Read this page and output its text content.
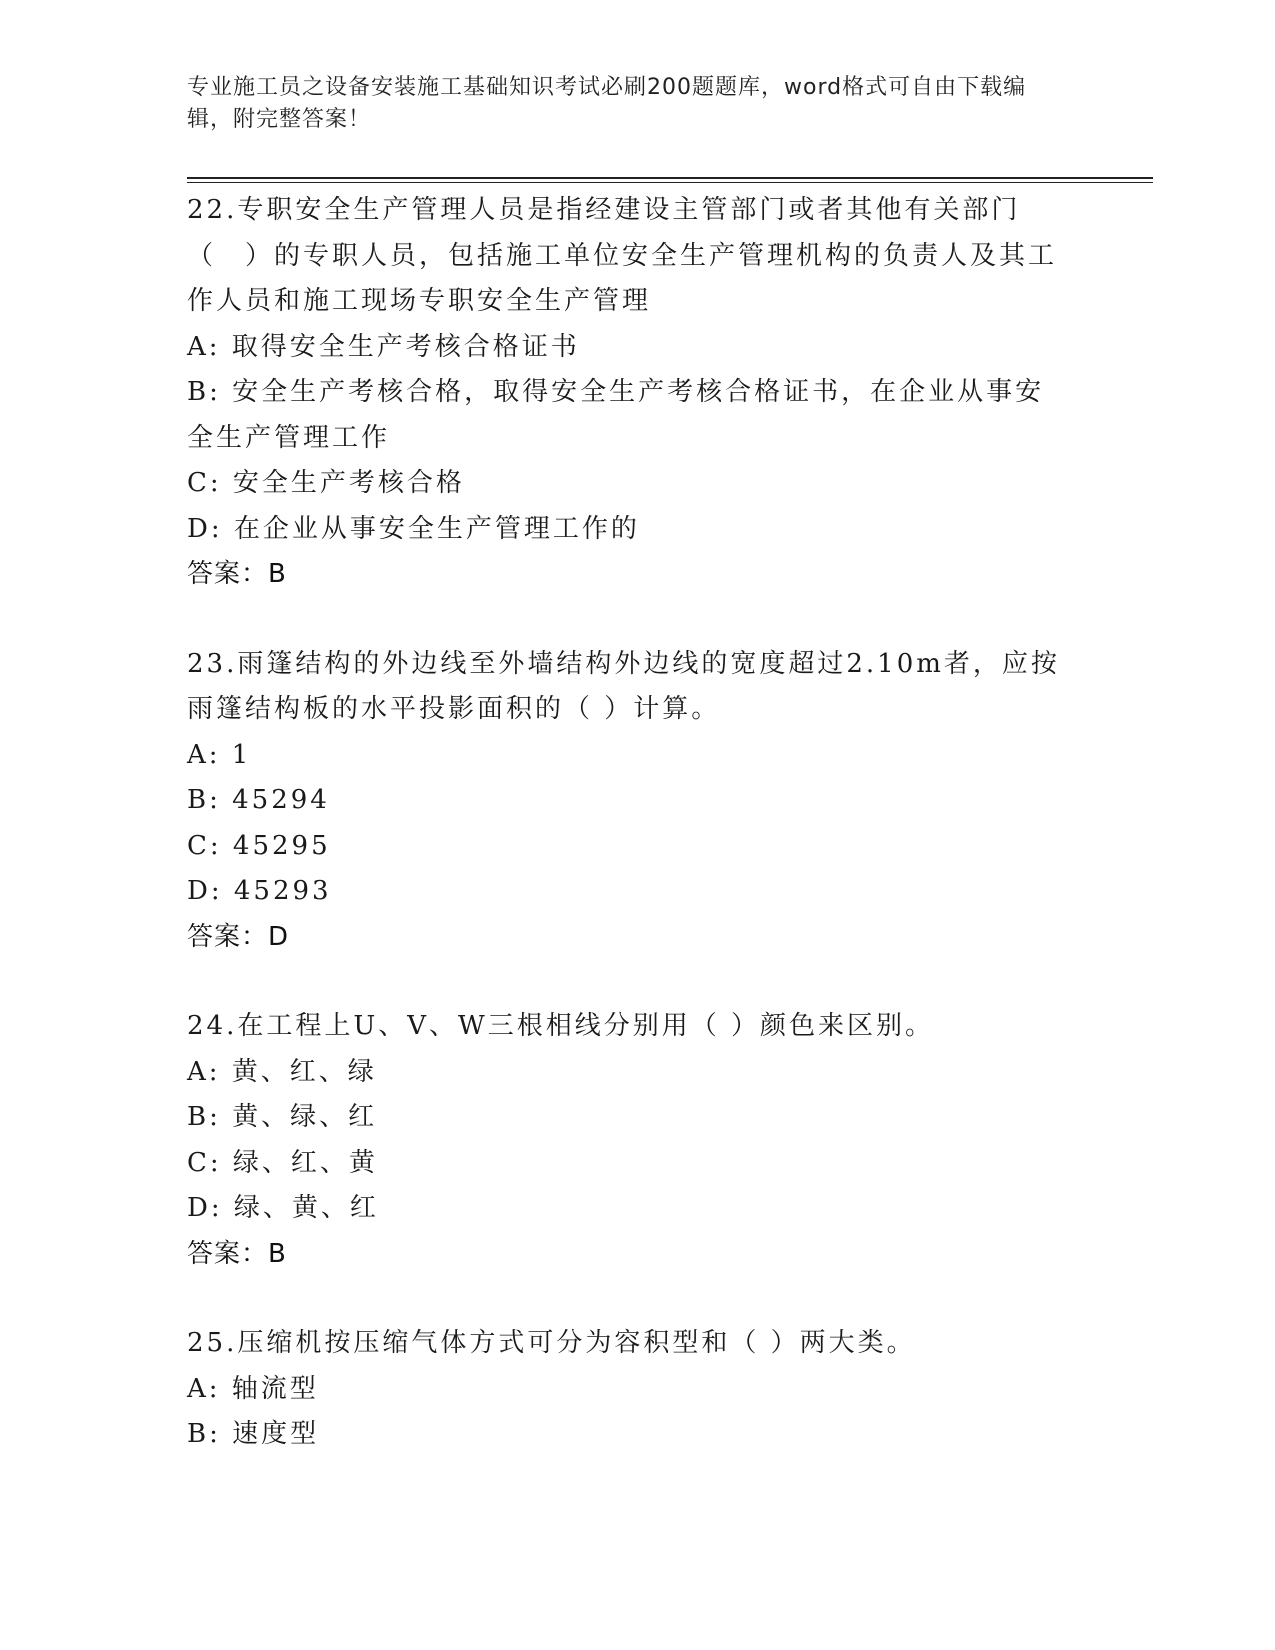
专业施工员之设备安装施工基础知识考试必刷200题题库，word格式可自由下载编辑，附完整答案！
22.专职安全生产管理人员是指经建设主管部门或者其他有关部门（　）的专职人员，包括施工单位安全生产管理机构的负责人及其工作人员和施工现场专职安全生产管理
A: 取得安全生产考核合格证书
B: 安全生产考核合格，取得安全生产考核合格证书，在企业从事安全生产管理工作
C: 安全生产考核合格
D: 在企业从事安全生产管理工作的
答案：B
23.雨篷结构的外边线至外墙结构外边线的宽度超过2.10m者，应按雨篷结构板的水平投影面积的（ ）计算。
A: 1
B: 45294
C: 45295
D: 45293
答案：D
24.在工程上U、V、W三根相线分别用（ ）颜色来区别。
A: 黄、红、绿
B: 黄、绿、红
C: 绿、红、黄
D: 绿、黄、红
答案：B
25.压缩机按压缩气体方式可分为容积型和（ ）两大类。
A: 轴流型
B: 速度型
